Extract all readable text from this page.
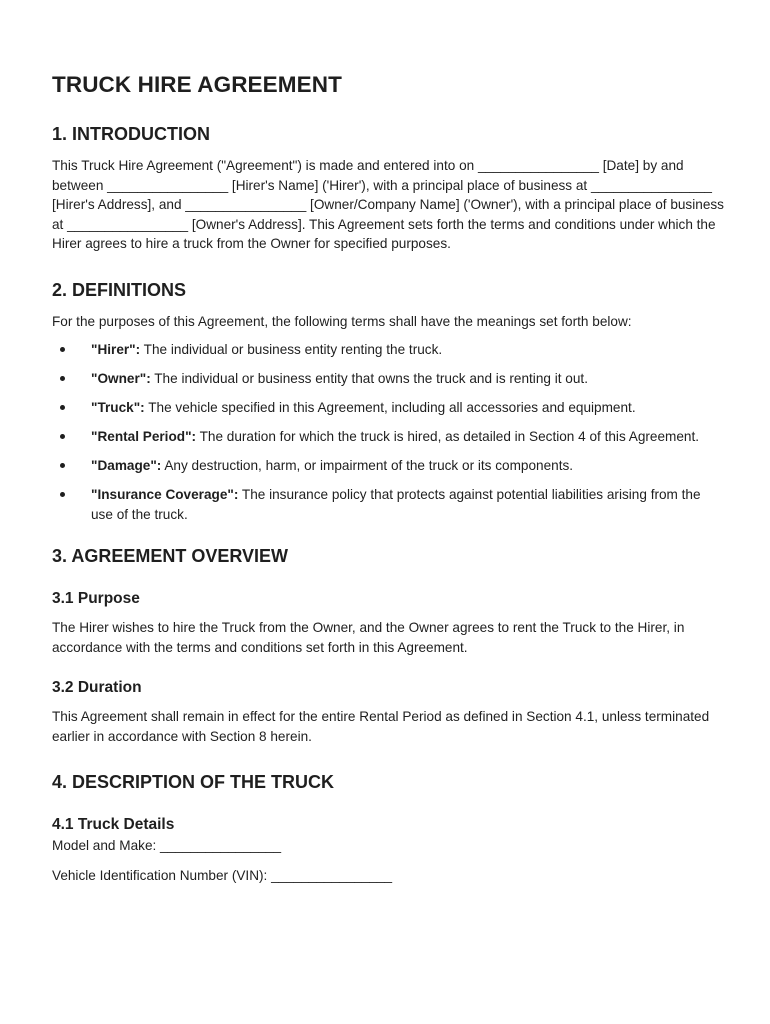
TRUCK HIRE AGREEMENT
1. INTRODUCTION

This Truck Hire Agreement ("Agreement") is made and entered into on ________________ [Date] by and between ________________ [Hirer's Name] ('Hirer'), with a principal place of business at ________________ [Hirer's Address], and ________________ [Owner/Company Name] ('Owner'), with a principal place of business at ________________ [Owner's Address]. This Agreement sets forth the terms and conditions under which the Hirer agrees to hire a truck from the Owner for specified purposes.

2. DEFINITIONS

For the purposes of this Agreement, the following terms shall have the meanings set forth below:

"Hirer": The individual or business entity renting the truck.
"Owner": The individual or business entity that owns the truck and is renting it out.
"Truck": The vehicle specified in this Agreement, including all accessories and equipment.
"Rental Period": The duration for which the truck is hired, as detailed in Section 4 of this Agreement.
"Damage": Any destruction, harm, or impairment of the truck or its components.
"Insurance Coverage": The insurance policy that protects against potential liabilities arising from the use of the truck.
3. AGREEMENT OVERVIEW
3.1 Purpose

The Hirer wishes to hire the Truck from the Owner, and the Owner agrees to rent the Truck to the Hirer, in accordance with the terms and conditions set forth in this Agreement.

3.2 Duration

This Agreement shall remain in effect for the entire Rental Period as defined in Section 4.1, unless terminated earlier in accordance with Section 8 herein.

4. DESCRIPTION OF THE TRUCK
4.1 Truck Details

Model and Make: ________________

Vehicle Identification Number (VIN): ________________
